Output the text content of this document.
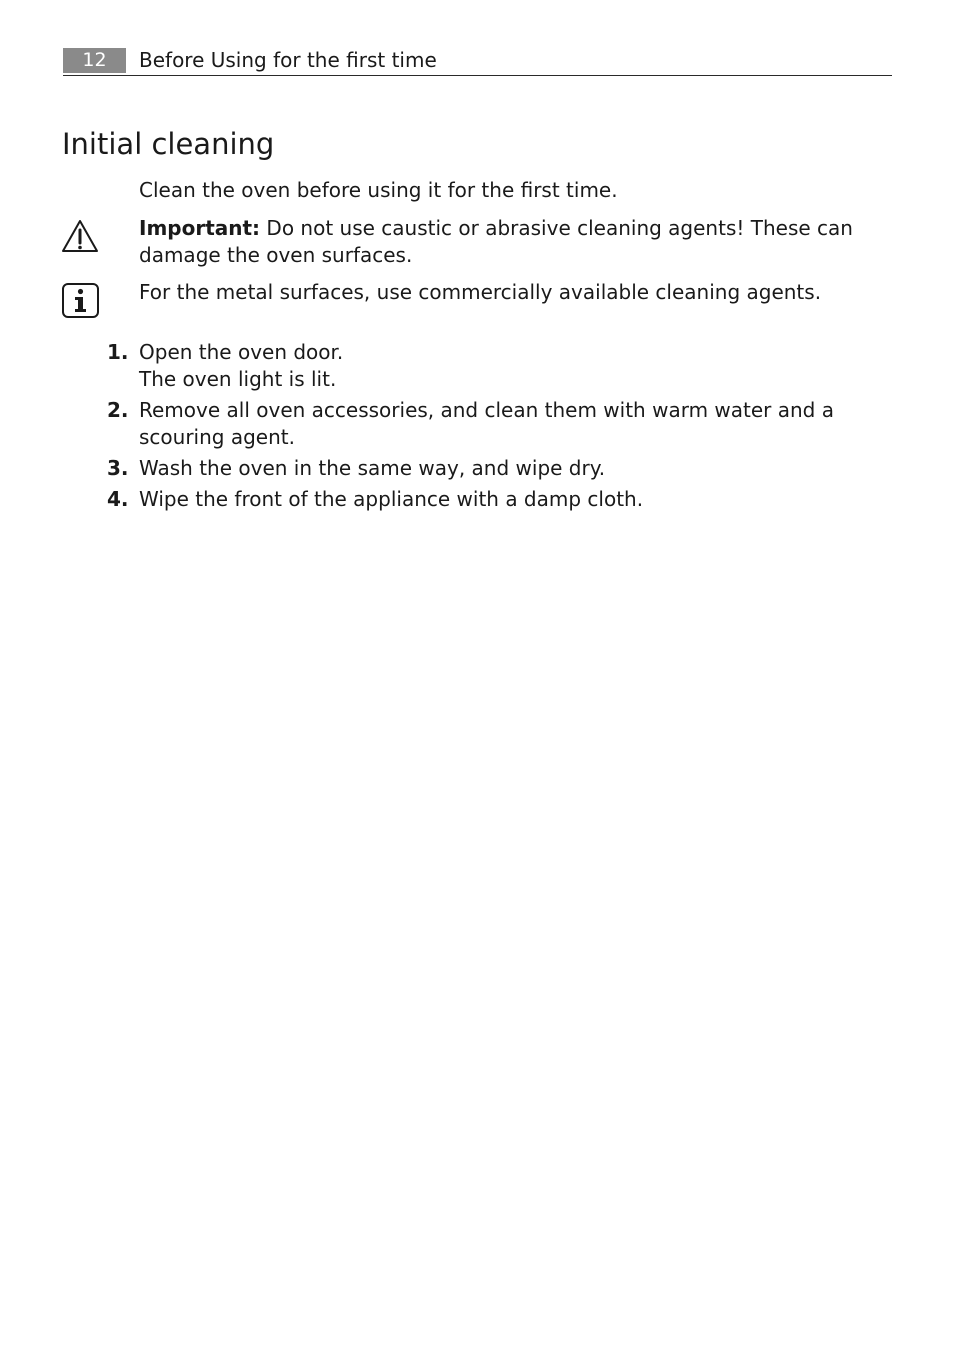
12	Before Using for the first time
Initial cleaning

Clean the oven before using it for the first time.

Important: Do not use caustic or abrasive cleaning agents! These can damage the oven surfaces.

For the metal surfaces, use commercially available cleaning agents.

1. Open the oven door.
The oven light is lit.
2. Remove all oven accessories, and clean them with warm water and a scouring agent.
3. Wash the oven in the same way, and wipe dry.
4. Wipe the front of the appliance with a damp cloth.
